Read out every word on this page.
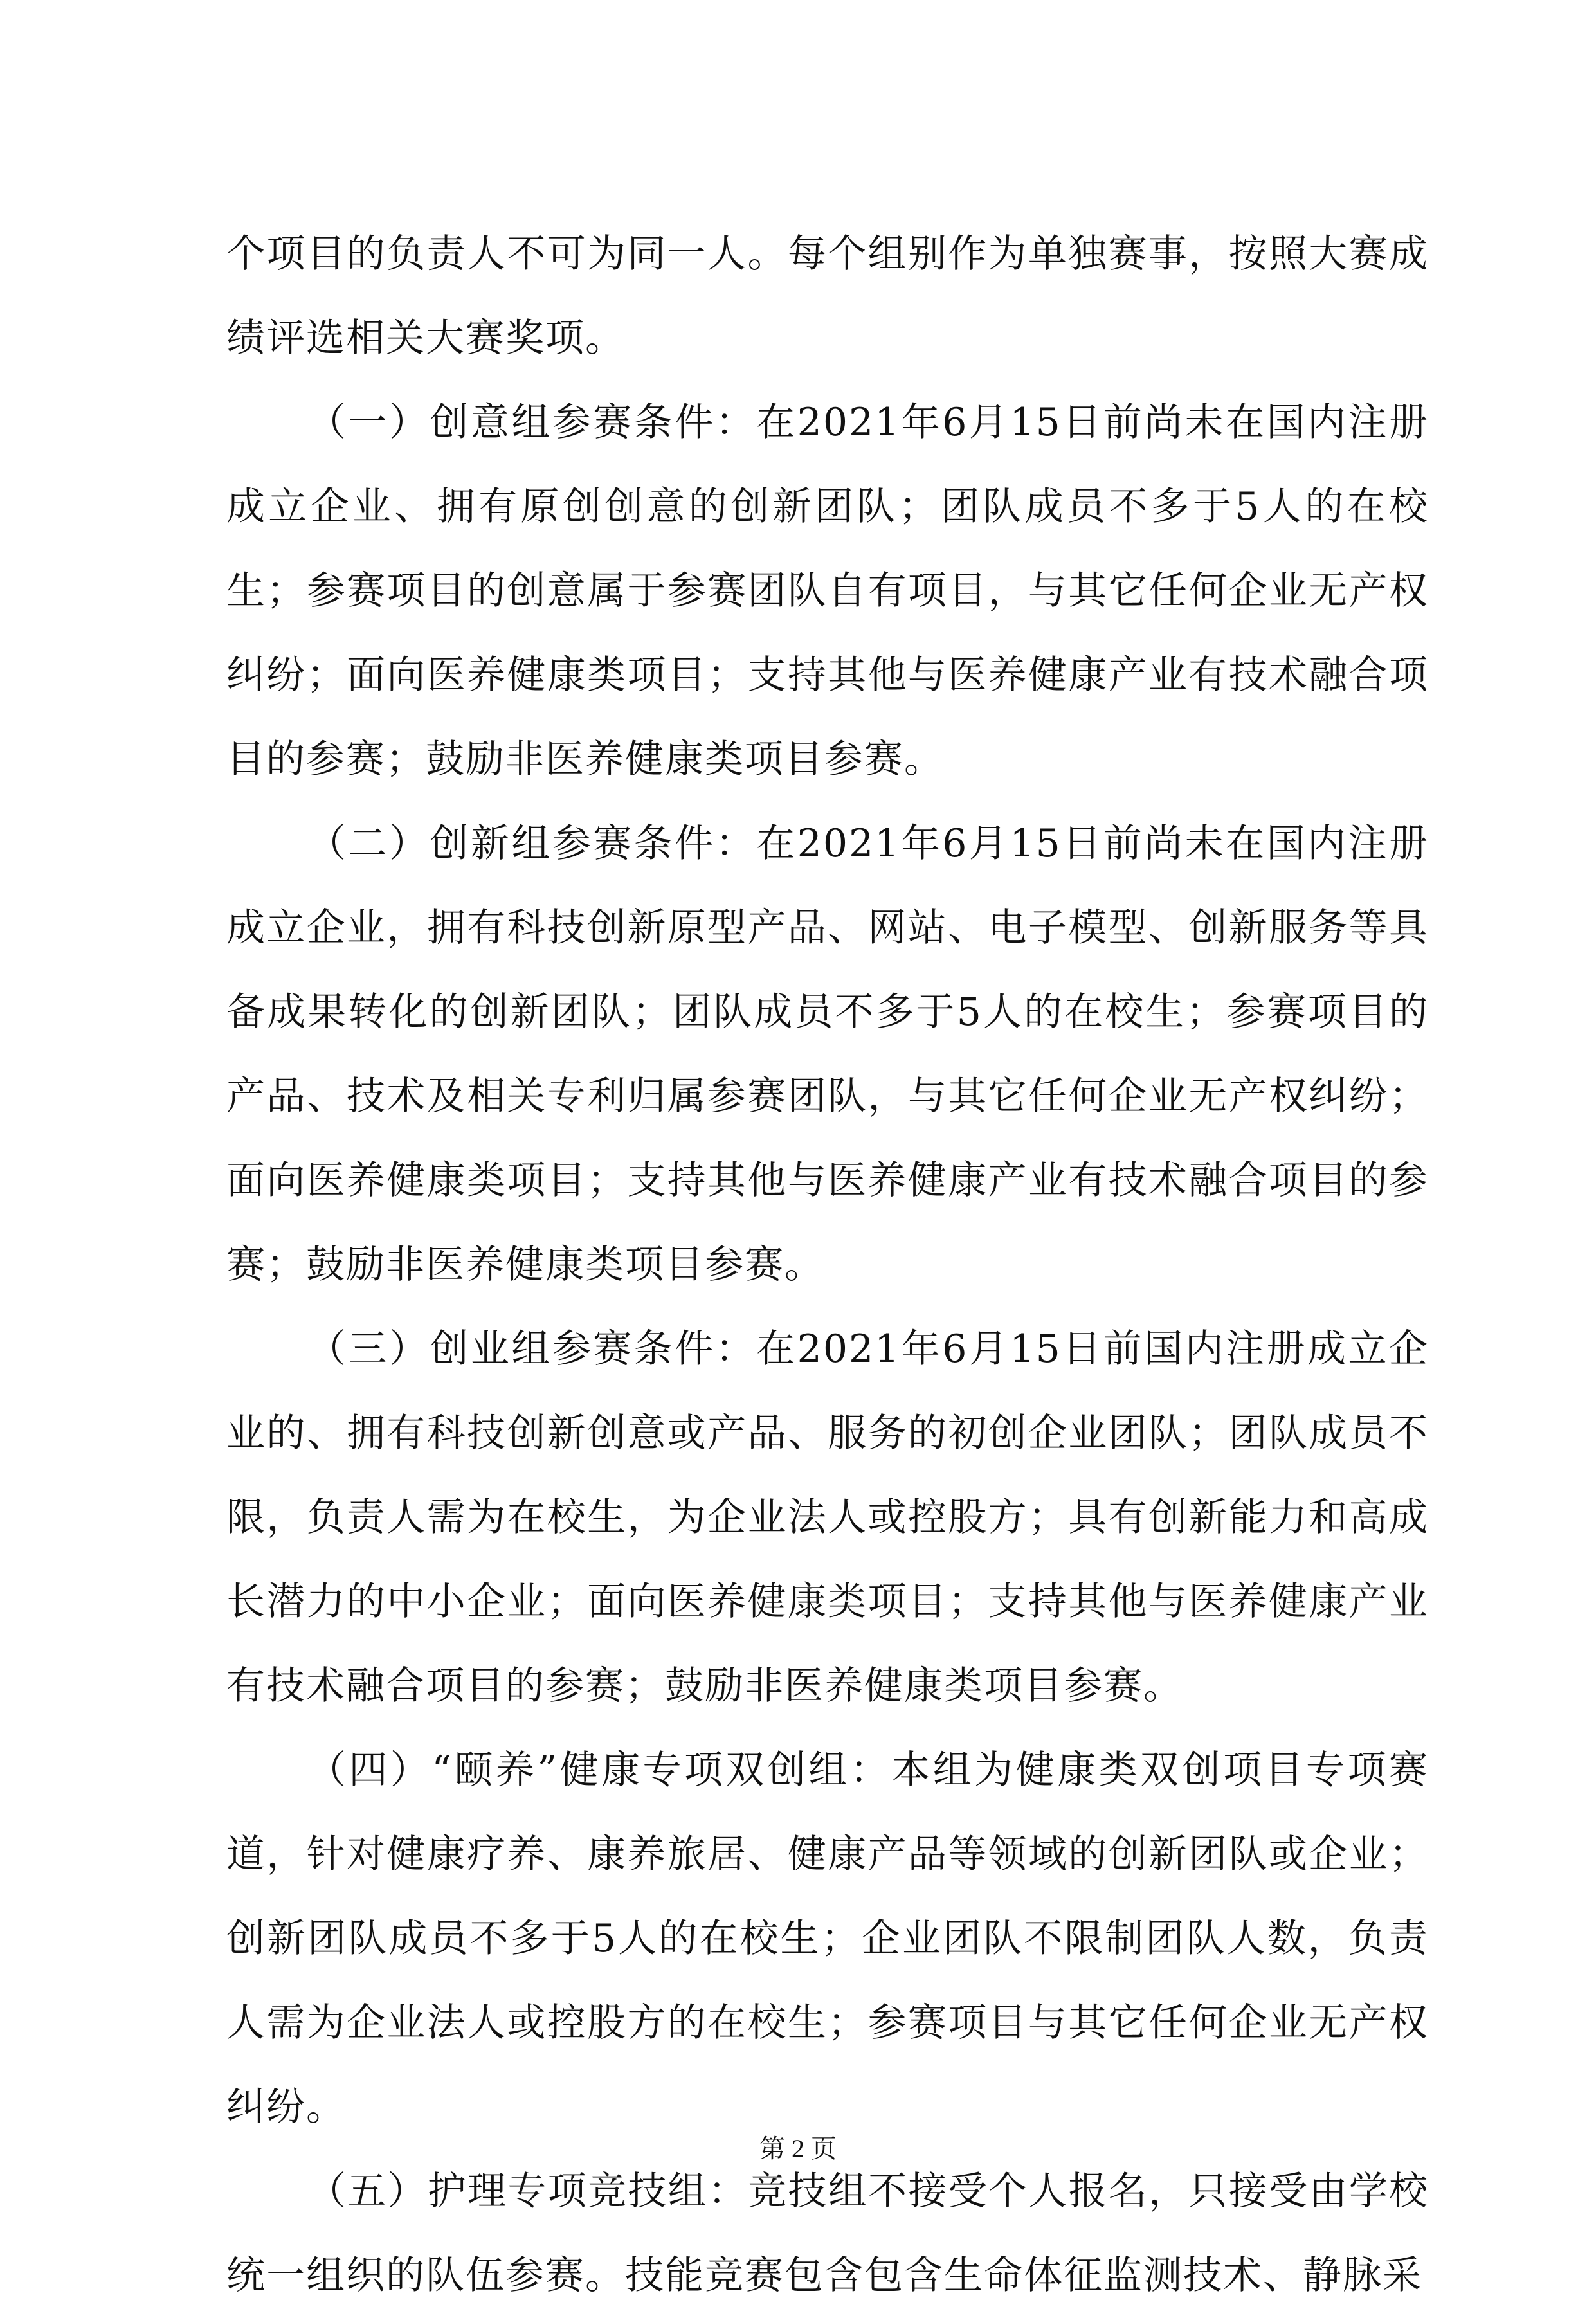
个项目的负责人不可为同一人。每个组别作为单独赛事，按照大赛成绩评选相关大赛奖项。

（一）创意组参赛条件：在2021年6月15日前尚未在国内注册成立企业、拥有原创创意的创新团队；团队成员不多于5人的在校生；参赛项目的创意属于参赛团队自有项目，与其它任何企业无产权纠纷；面向医养健康类项目；支持其他与医养健康产业有技术融合项目的参赛；鼓励非医养健康类项目参赛。

（二）创新组参赛条件：在2021年6月15日前尚未在国内注册成立企业，拥有科技创新原型产品、网站、电子模型、创新服务等具备成果转化的创新团队；团队成员不多于5人的在校生；参赛项目的产品、技术及相关专利归属参赛团队，与其它任何企业无产权纠纷；面向医养健康类项目；支持其他与医养健康产业有技术融合项目的参赛；鼓励非医养健康类项目参赛。

（三）创业组参赛条件：在2021年6月15日前国内注册成立企业的、拥有科技创新创意或产品、服务的初创企业团队；团队成员不限，负责人需为在校生，为企业法人或控股方；具有创新能力和高成长潜力的中小企业；面向医养健康类项目；支持其他与医养健康产业有技术融合项目的参赛；鼓励非医养健康类项目参赛。

（四）“颐养”健康专项双创组：本组为健康类双创项目专项赛道，针对健康疗养、康养旅居、健康产品等领域的创新团队或企业；创新团队成员不多于5人的在校生；企业团队不限制团队人数，负责人需为企业法人或控股方的在校生；参赛项目与其它任何企业无产权纠纷。

（五）护理专项竞技组：竞技组不接受个人报名，只接受由学校统一组织的队伍参赛。技能竞赛包含包含生命体征监测技术、静脉采

第 2 页
